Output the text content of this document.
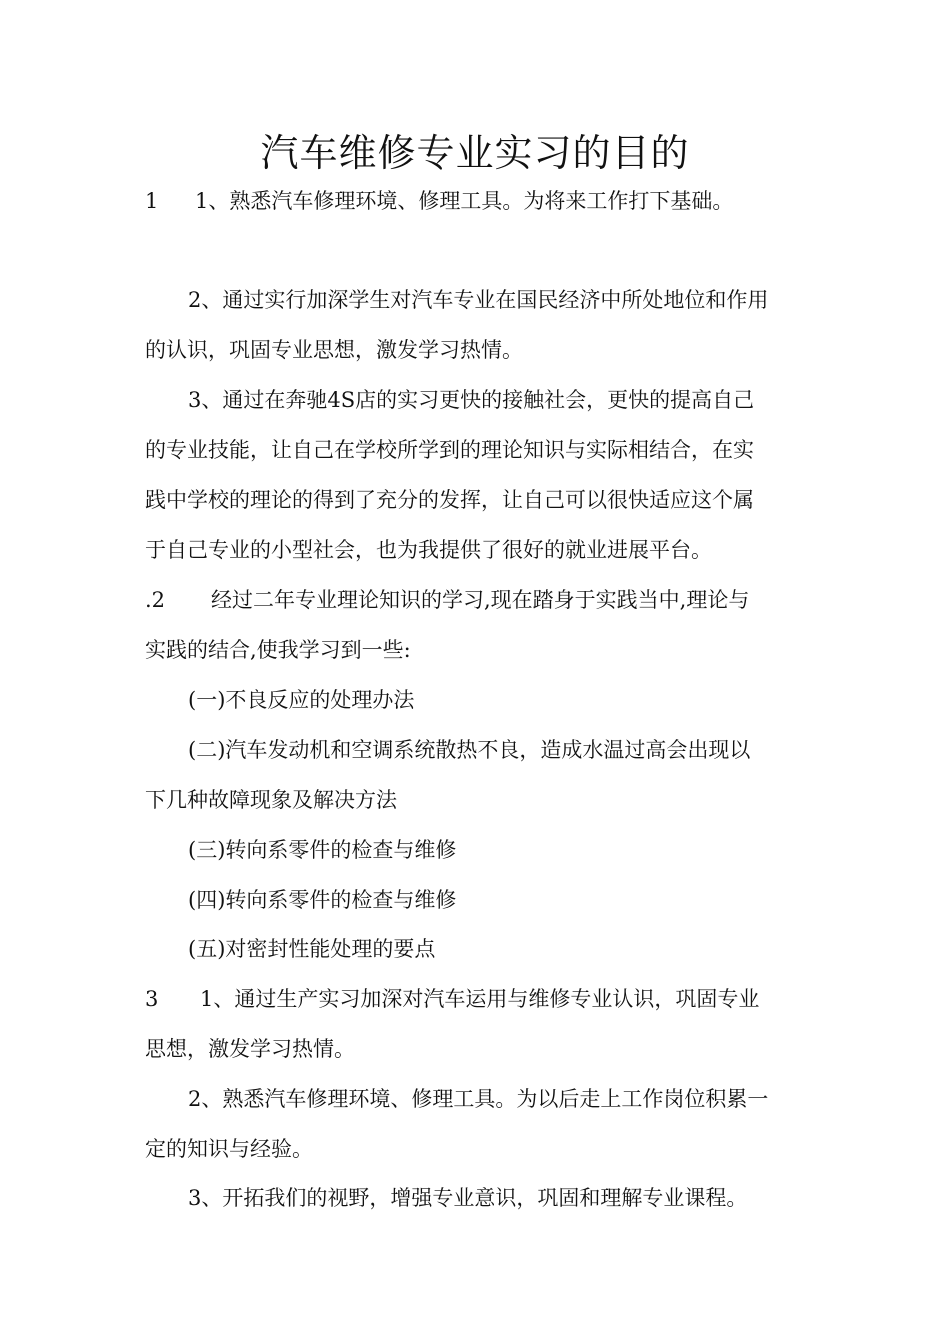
汽车维修专业实习的目的
1 1、熟悉汽车修理环境、修理工具。为将来工作打下基础。
2、通过实行加深学生对汽车专业在国民经济中所处地位和作用
的认识，巩固专业思想，激发学习热情。
3、通过在奔驰4S店的实习更快的接触社会，更快的提高自己
的专业技能，让自己在学校所学到的理论知识与实际相结合，在实
践中学校的理论的得到了充分的发挥，让自己可以很快适应这个属
于自己专业的小型社会，也为我提供了很好的就业进展平台。
.2 经过二年专业理论知识的学习,现在踏身于实践当中,理论与
实践的结合,使我学习到一些:
(一)不良反应的处理办法
(二)汽车发动机和空调系统散热不良，造成水温过高会出现以
下几种故障现象及解决方法
(三)转向系零件的检查与维修
(四)转向系零件的检查与维修
(五)对密封性能处理的要点
3 1、通过生产实习加深对汽车运用与维修专业认识，巩固专业
思想，激发学习热情。
2、熟悉汽车修理环境、修理工具。为以后走上工作岗位积累一
定的知识与经验。
3、开拓我们的视野，增强专业意识，巩固和理解专业课程。
